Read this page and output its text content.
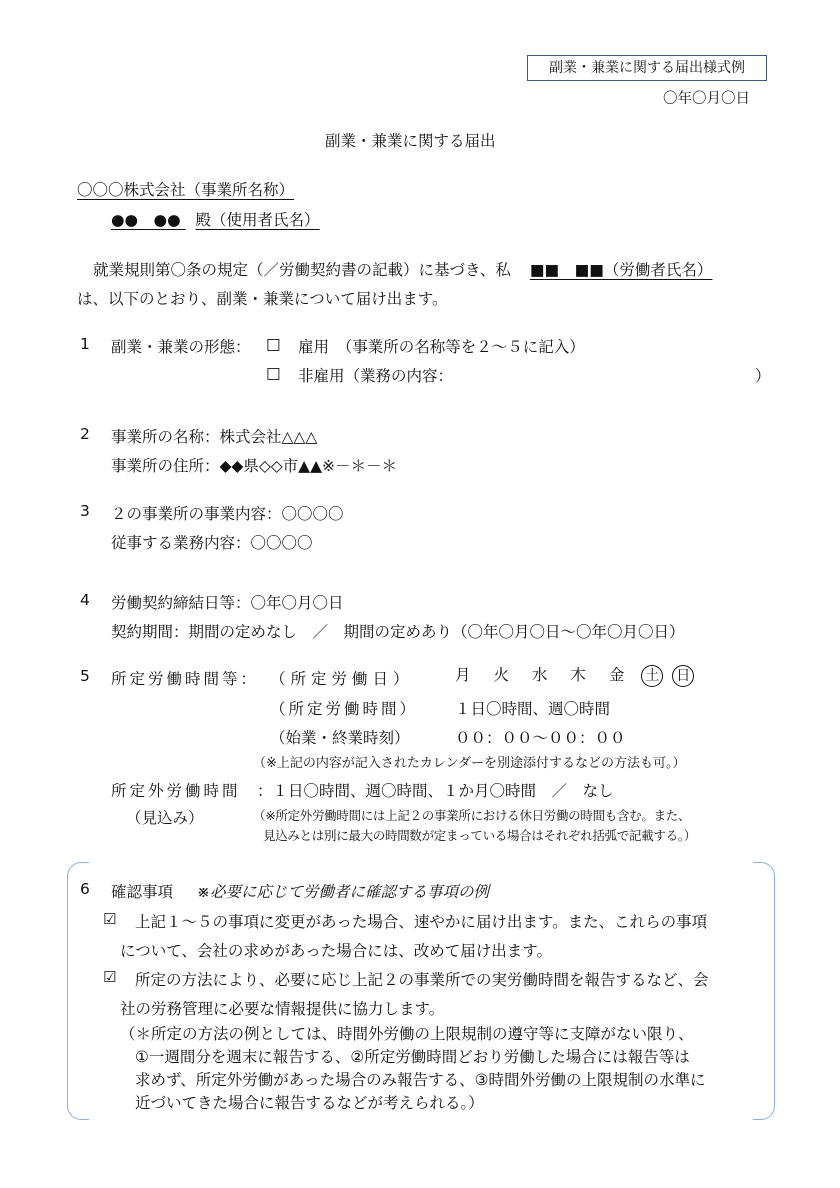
副業・兼業に関する届出様式例
〇年〇月〇日
副業・兼業に関する届出
〇〇〇株式会社（事業所名称）
●●　●● 殿（使用者氏名）
就業規則第〇条の規定（／労働契約書の記載）に基づき、私 ■■　■■（労働者氏名）
は、以下のとおり、副業・兼業について届け出ます。
1 副業・兼業の形態： □ 雇用　（事業所の名称等を２～５に記入）
□ 非雇用（業務の内容：	）
2 事業所の名称：株式会社△△△
事業所の住所：◆◆県◇◇市▲▲※－＊－＊
3 ２の事業所の事業内容：〇〇〇〇
従事する業務内容：〇〇〇〇
4 労働契約締結日等：〇年〇月〇日
契約期間：期間の定めなし　／　期間の定めあり（〇年〇月〇日～〇年〇月〇日）
5 所定労働時間等： （所定労働日）	月 火 水 木 金 土 日
（所定労働時間） １日〇時間、週〇時間
（始業・終業時刻）	００：００～００：００
（※上記の内容が記入されたカレンダーを別途添付するなどの方法も可。）
所定外労働時間 ：１日〇時間、週〇時間、１か月〇時間　／　なし
（見込み）	（※所定外労働時間には上記２の事業所における休日労働の時間も含む。また、
見込みとは別に最大の時間数が定まっている場合はそれぞれ括弧で記載する。）
6 確認事項 ※必要に応じて労働者に確認する事項の例
☑ 上記１～５の事項に変更があった場合、速やかに届け出ます。また、これらの事項
について、会社の求めがあった場合には、改めて届け出ます。
☑ 所定の方法により、必要に応じ上記２の事業所での実労働時間を報告するなど、会
社の労務管理に必要な情報提供に協力します。
（＊所定の方法の例としては、時間外労働の上限規制の遵守等に支障がない限り、
①一週間分を週末に報告する、②所定労働時間どおり労働した場合には報告等は
求めず、所定外労働があった場合のみ報告する、③時間外労働の上限規制の水準に
近づいてきた場合に報告するなどが考えられる。）
